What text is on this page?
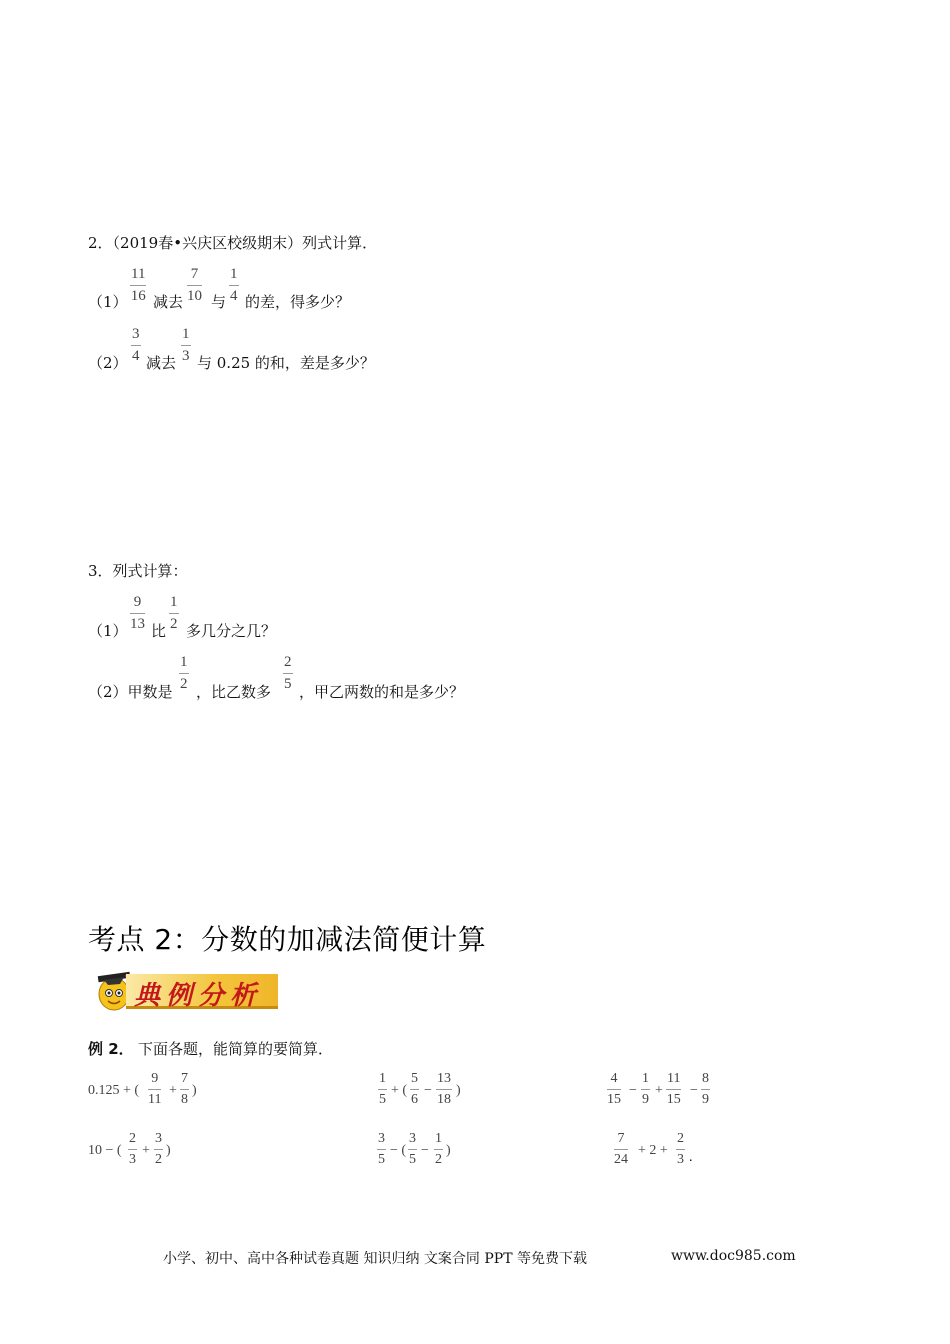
2．（2019春•兴庆区校级期末）列式计算．
$(1) \frac{11}{16}$ 减去 $\frac{7}{10}$ 与 $\frac{1}{4}$ 的差，得多少？
$(2) \frac{3}{4}$ 减去 $\frac{1}{3}$ 与 0.25 的和，差是多少？
3．列式计算：
$(1) \frac{9}{13}$ 比 $\frac{1}{2}$ 多几分之几？
（2）甲数是 $\frac{1}{2}$ ，比乙数多 $\frac{2}{5}$ ，甲乙两数的和是多少？
考点 2：分数的加减法简便计算
典例分析
例 2． 下面各题，能简算的要简算．
0.125 + ( $\frac{9}{11} + \frac{7}{8}$ )	$\frac{1}{5}$ + ( $\frac{5}{6} - \frac{13}{18}$ )	$\frac{4}{15} - \frac{1}{9} + \frac{11}{15} - \frac{8}{9}$
10 − ( $\frac{2}{3} + \frac{3}{2}$ )	$\frac{3}{5}$ − ( $\frac{3}{5} - \frac{1}{2}$ )	$\frac{7}{24} + 2 + \frac{2}{3}$ .
小学、初中、高中各种试卷真题 知识归纳 文案合同 PPT 等免费下载	www.doc985.com
